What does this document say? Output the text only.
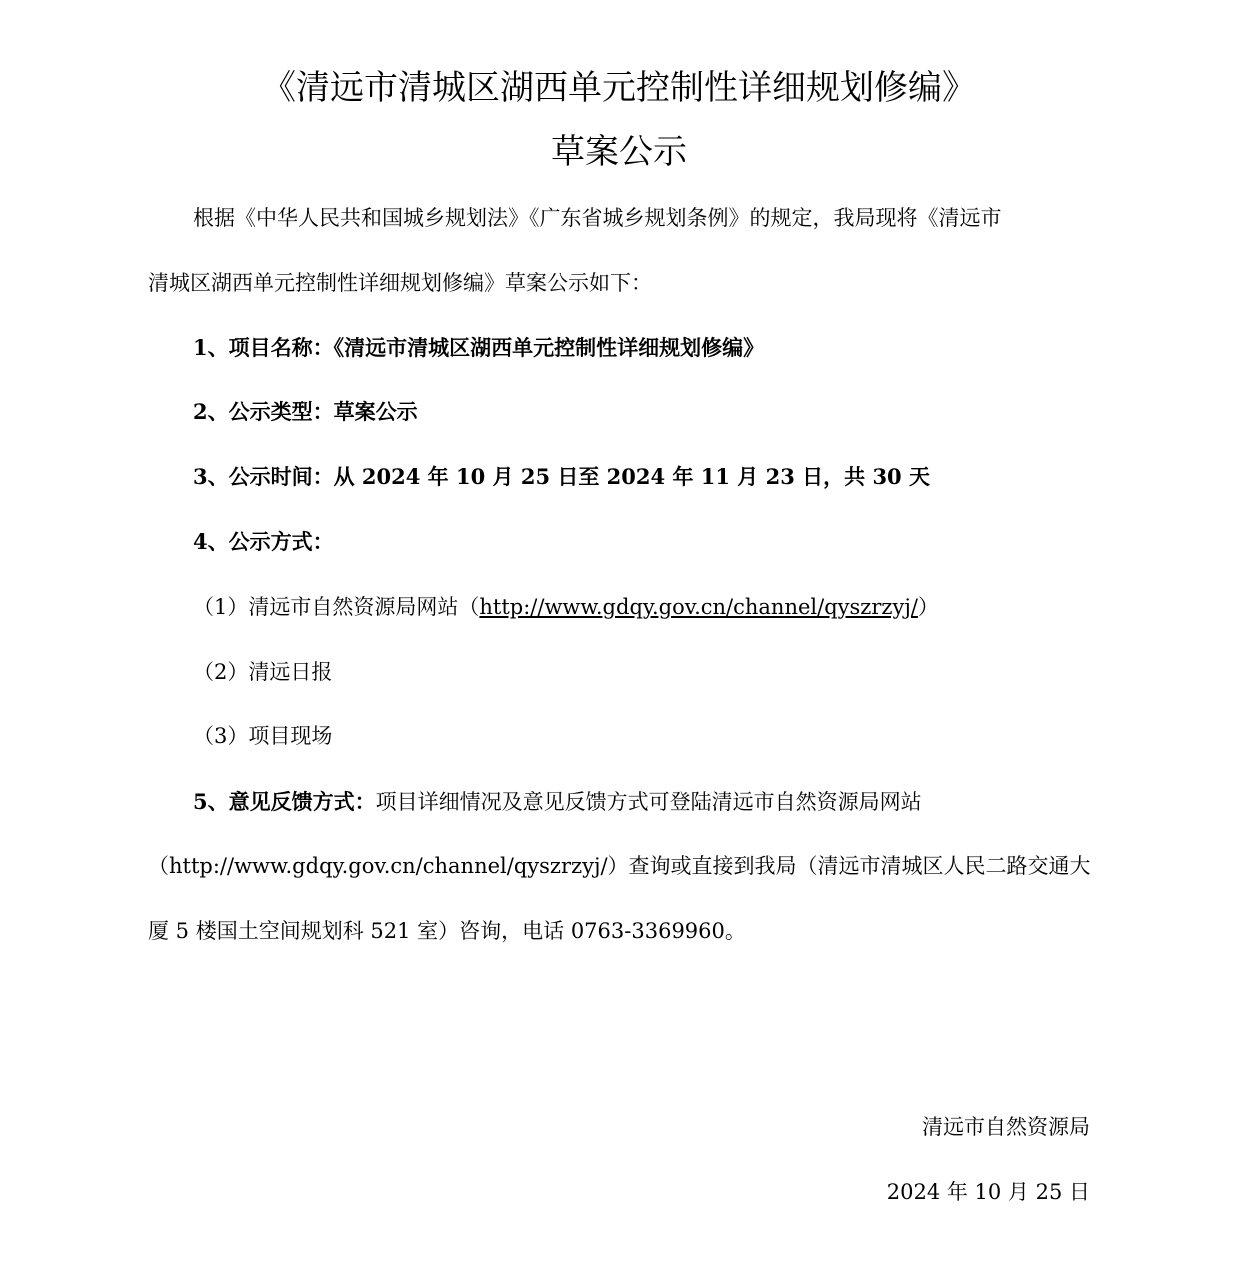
《清远市清城区湖西单元控制性详细规划修编》
草案公示
根据《中华人民共和国城乡规划法》《广东省城乡规划条例》的规定，我局现将《清远市
清城区湖西单元控制性详细规划修编》草案公示如下：
1、项目名称：《清远市清城区湖西单元控制性详细规划修编》
2、公示类型：草案公示
3、公示时间：从 2024 年 10 月 25 日至 2024 年 11 月 23 日，共 30 天
4、公示方式：
（1）清远市自然资源局网站（http://www.gdqy.gov.cn/channel/qyszrzyj/）
（2）清远日报
（3）项目现场
5、意见反馈方式：项目详细情况及意见反馈方式可登陆清远市自然资源局网站
（http://www.gdqy.gov.cn/channel/qyszrzyj/）查询或直接到我局（清远市清城区人民二路交通大
厦 5 楼国土空间规划科 521 室）咨询，电话 0763-3369960。
清远市自然资源局
2024 年 10 月 25 日
